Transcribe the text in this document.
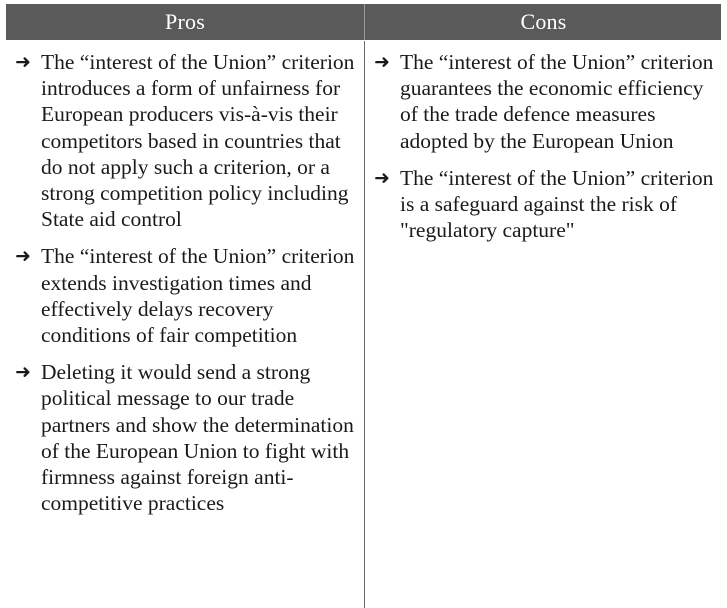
Pros	Cons
➜ The “interest of the Union” criterion introduces a form of unfairness for European producers vis-à-vis their competitors based in countries that do not apply such a criterion, or a strong competition policy including State aid control
➜ The “interest of the Union” criterion extends investigation times and effectively delays recovery conditions of fair competition
➜ Deleting it would send a strong political message to our trade partners and show the determination of the European Union to fight with firmness against foreign anti-competitive practices
➜ The “interest of the Union” criterion guarantees the economic efficiency of the trade defence measures adopted by the European Union
➜ The “interest of the Union” criterion is a safeguard against the risk of "regulatory capture"
